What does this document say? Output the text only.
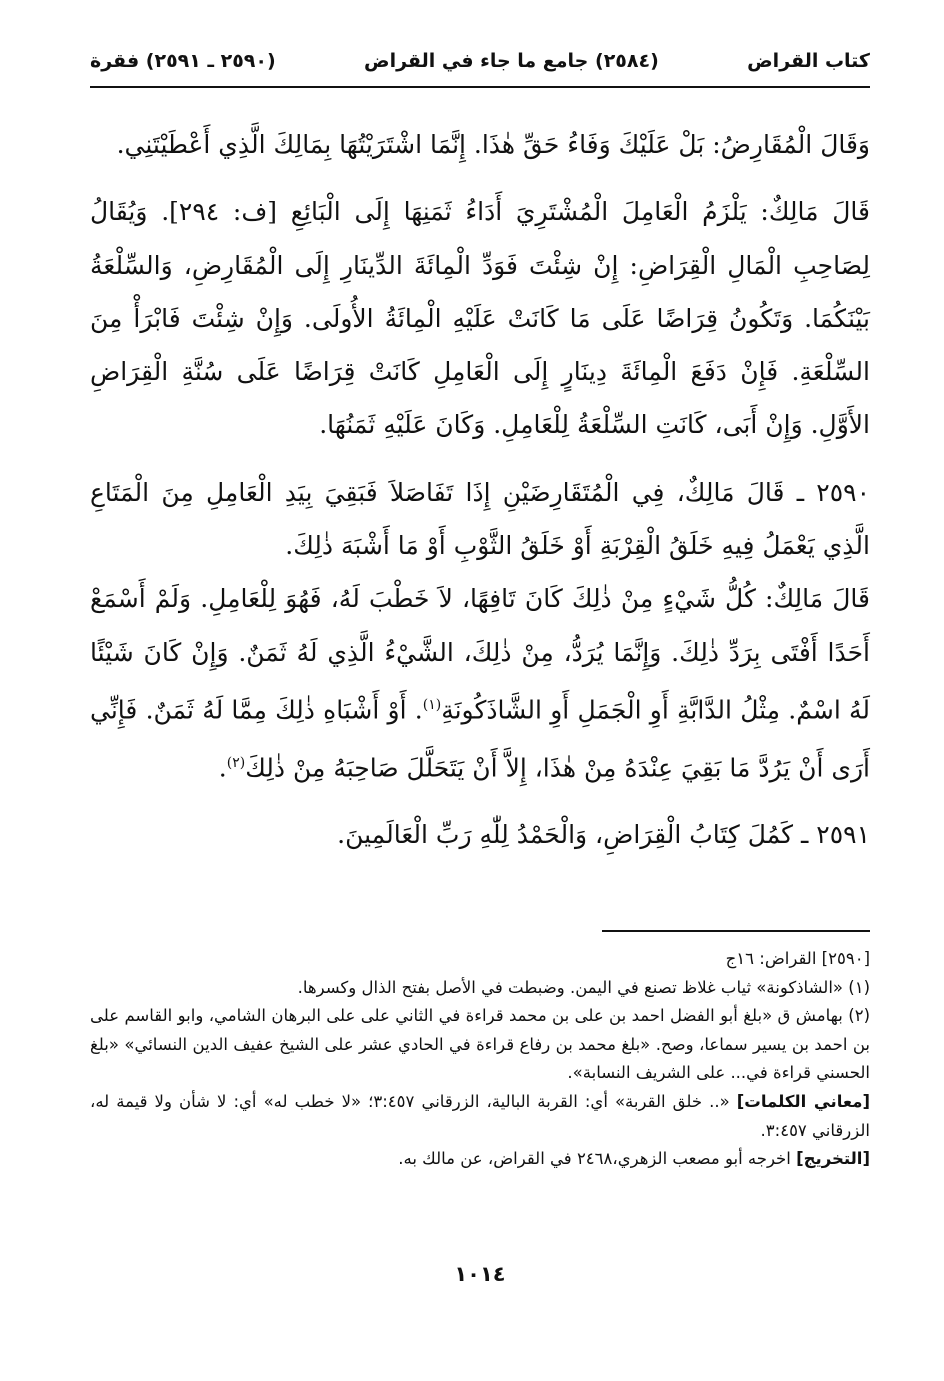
كتاب القراض
(٢٥٨٤) جامع ما جاء في القراض
(٢٥٩٠ ـ ٢٥٩١) فقرة

وَقَالَ الْمُقَارِضُ: بَلْ عَلَيْكَ وَفَاءُ حَقِّ هٰذَا. إِنَّمَا اشْتَرَيْتُهَا بِمَالِكَ الَّذِي أَعْطَيْتَنِي.

قَالَ مَالِكٌ: يَلْزَمُ الْعَامِلَ الْمُشْتَرِيَ أَدَاءُ ثَمَنِهَا إِلَى الْبَائِعِ [ف: ٢٩٤]. وَيُقَالُ لِصَاحِبِ الْمَالِ الْقِرَاضِ: إِنْ شِئْتَ فَوَدِّ الْمِائَةَ الدِّينَارِ إِلَى الْمُقَارِضِ، وَالسِّلْعَةُ بَيْنَكُمَا. وَتَكُونُ قِرَاضًا عَلَى مَا كَانَتْ عَلَيْهِ الْمِائَةُ الأُولَى. وَإِنْ شِئْتَ فَابْرَأْ مِنَ السِّلْعَةِ. فَإِنْ دَفَعَ الْمِائَةَ دِينَارٍ إِلَى الْعَامِلِ كَانَتْ قِرَاضًا عَلَى سُنَّةِ الْقِرَاضِ الأَوَّلِ. وَإِنْ أَبَى، كَانَتِ السِّلْعَةُ لِلْعَامِلِ. وَكَانَ عَلَيْهِ ثَمَنُهَا.

٢٥٩٠ ـ قَالَ مَالِكٌ، فِي الْمُتَقَارِضَيْنِ إِذَا تَفَاصَلاَ فَبَقِيَ بِيَدِ الْعَامِلِ مِنَ الْمَتَاعِ الَّذِي يَعْمَلُ فِيهِ خَلَقُ الْقِرْبَةِ أَوْ خَلَقُ الثَّوْبِ أَوْ مَا أَشْبَهَ ذٰلِكَ.

قَالَ مَالِكٌ: كُلُّ شَيْءٍ مِنْ ذٰلِكَ كَانَ تَافِهًا، لاَ خَطْبَ لَهُ، فَهُوَ لِلْعَامِلِ. وَلَمْ أَسْمَعْ أَحَدًا أَفْتَى بِرَدِّ ذٰلِكَ. وَإِنَّمَا يُرَدُّ، مِنْ ذٰلِكَ، الشَّيْءُ الَّذِي لَهُ ثَمَنٌ. وَإِنْ كَانَ شَيْئًا لَهُ اسْمٌ. مِثْلُ الدَّابَّةِ أَوِ الْجَمَلِ أَوِ الشَّاذَكُونَةِ$^{(١)}$. أَوْ أَشْبَاهِ ذٰلِكَ مِمَّا لَهُ ثَمَنٌ. فَإِنِّي أَرَى أَنْ يَرُدَّ مَا بَقِيَ عِنْدَهُ مِنْ هٰذَا، إِلاَّ أَنْ يَتَحَلَّلَ صَاحِبَهُ مِنْ ذٰلِكَ$^{(٢)}$.

٢٥٩١ ـ كَمُلَ كِتَابُ الْقِرَاضِ، وَالْحَمْدُ لِلّٰهِ رَبِّ الْعَالَمِينَ.

[٢٥٩٠] القراض: ١٦ج

(١) «الشاذكونة» ثياب غلاظ تصنع في اليمن. وضبطت في الأصل بفتح الذال وكسرها.

(٢) بهامش ق «بلغ أبو الفضل احمد بن على بن محمد قراءة في الثاني على على البرهان الشامي، وابو القاسم على بن احمد بن يسير سماعا، وصح. «بلغ محمد بن رفاع قراءة في الحادي عشر على الشيخ عفيف الدين النسائي» «بلغ الحسني قراءة في... على الشريف النسابة».

[معاني الكلمات] «.. خلق القربة» أي: القربة البالية، الزرقاني ٣:٤٥٧؛ «لا خطب له» أي: لا شأن ولا قيمة له، الزرقاني ٣:٤٥٧.

[التخريج] اخرجه أبو مصعب الزهري،٢٤٦٨ في القراض، عن مالك به.

١٠١٤
